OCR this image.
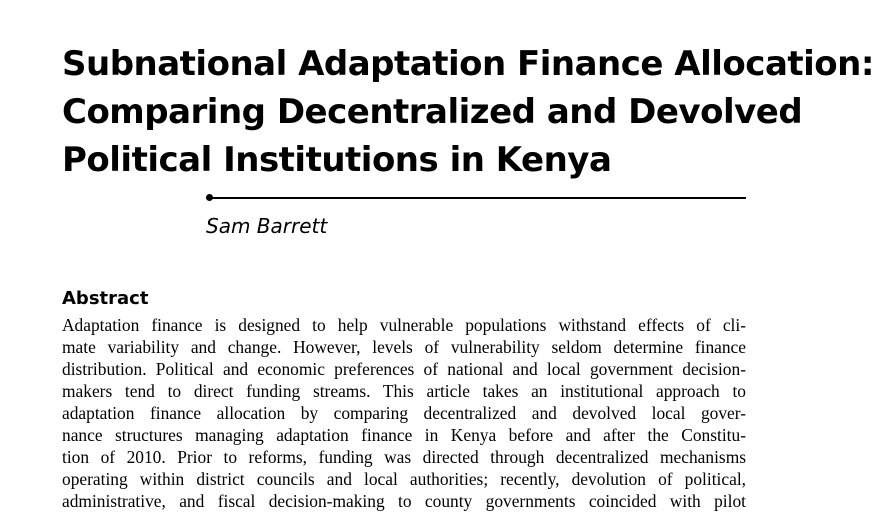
Subnational Adaptation Finance Allocation:
Comparing Decentralized and Devolved
Political Institutions in Kenya
Sam Barrett
Abstract
Adaptation finance is designed to help vulnerable populations withstand effects of cli-
mate variability and change. However, levels of vulnerability seldom determine finance
distribution. Political and economic preferences of national and local government decision-
makers tend to direct funding streams. This article takes an institutional approach to
adaptation finance allocation by comparing decentralized and devolved local gover-
nance structures managing adaptation finance in Kenya before and after the Constitu-
tion of 2010. Prior to reforms, funding was directed through decentralized mechanisms
operating within district councils and local authorities; recently, devolution of political,
administrative, and fiscal decision-making to county governments coincided with pilot
